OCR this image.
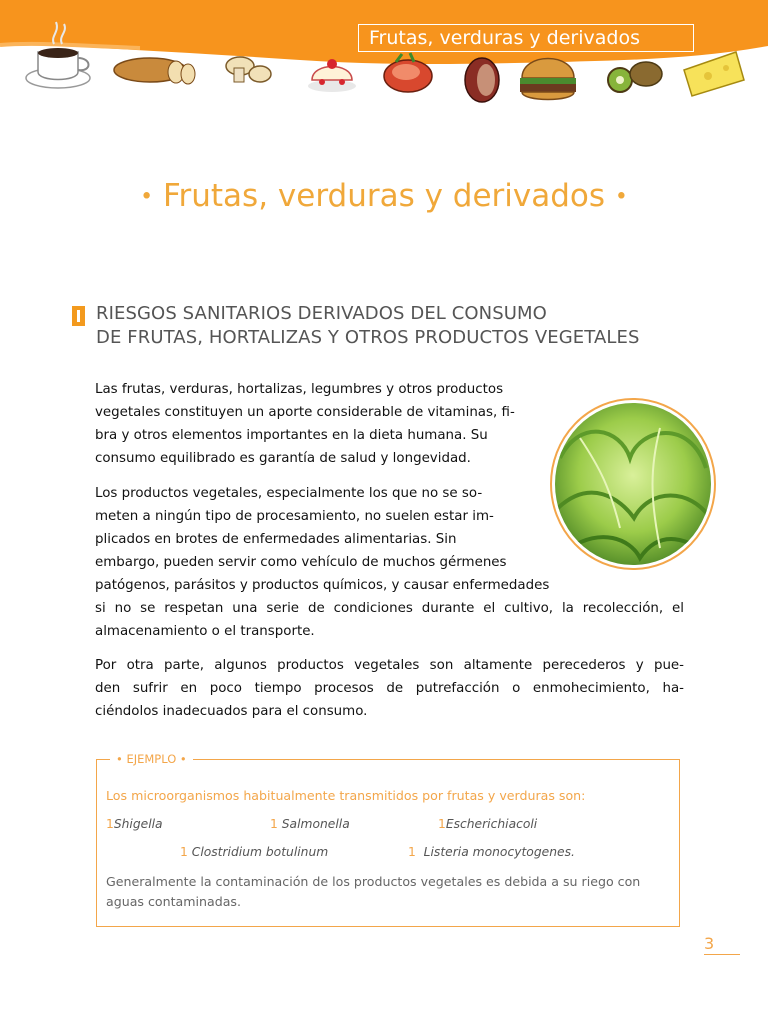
Frutas, verduras y derivados
• Frutas, verduras y derivados •
RIESGOS SANITARIOS DERIVADOS DEL CONSUMO
DE FRUTAS, HORTALIZAS Y OTROS PRODUCTOS VEGETALES
Las frutas, verduras, hortalizas, legumbres y otros productos
vegetales constituyen un aporte considerable de vitaminas, fi-
bra y otros elementos importantes en la dieta humana. Su
consumo equilibrado es garantía de salud y longevidad.
Los productos vegetales, especialmente los que no se so-
meten a ningún tipo de procesamiento, no suelen estar im-
plicados en brotes de enfermedades alimentarias. Sin
embargo, pueden servir como vehículo de muchos gérmenes
patógenos, parásitos y productos químicos, y causar enfermedades
si no se respetan una serie de condiciones durante el cultivo, la recolección, el
almacenamiento o el transporte.
Por otra parte, algunos productos vegetales son altamente perecederos y pue-
den sufrir en poco tiempo procesos de putrefacción o enmohecimiento, ha-
ciéndolos inadecuados para el consumo.
• EJEMPLO •
Los microorganismos habitualmente transmitidos por frutas y verduras son:
1Shigella	1 Salmonella	1Escherichiacoli
1 Clostridium botulinum	1 Listeria monocytogenes.
Generalmente la contaminación de los productos vegetales es debida a su riego con
aguas contaminadas.
3
